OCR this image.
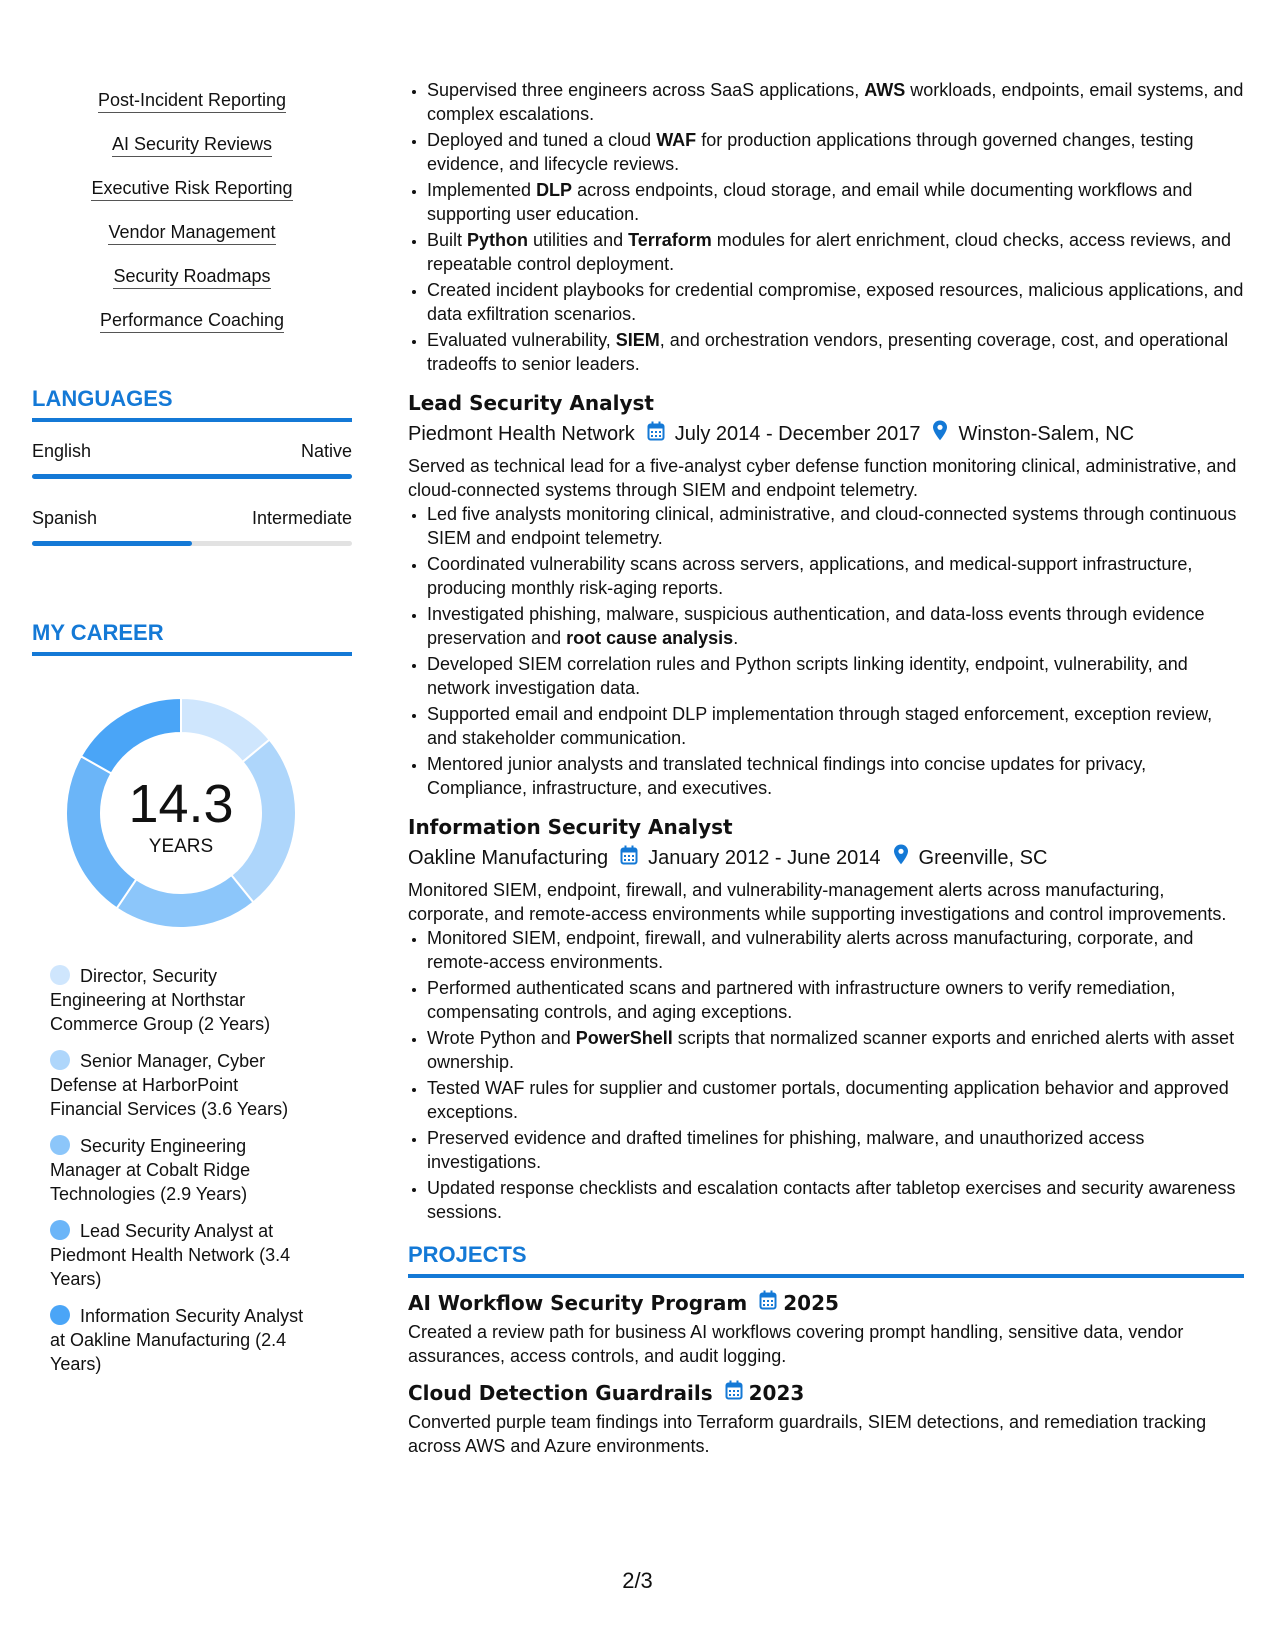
Post-Incident Reporting
AI Security Reviews
Executive Risk Reporting
Vendor Management
Security Roadmaps
Performance Coaching
LANGUAGES
English	Native
Spanish	Intermediate
MY CAREER
14.3
YEARS
Director, Security Engineering at Northstar Commerce Group (2 Years)
Senior Manager, Cyber Defense at HarborPoint Financial Services (3.6 Years)
Security Engineering Manager at Cobalt Ridge Technologies (2.9 Years)
Lead Security Analyst at Piedmont Health Network (3.4 Years)
Information Security Analyst at Oakline Manufacturing (2.4 Years)
• Supervised three engineers across SaaS applications, AWS workloads, endpoints, email systems, and complex escalations.
• Deployed and tuned a cloud WAF for production applications through governed changes, testing evidence, and lifecycle reviews.
• Implemented DLP across endpoints, cloud storage, and email while documenting workflows and supporting user education.
• Built Python utilities and Terraform modules for alert enrichment, cloud checks, access reviews, and repeatable control deployment.
• Created incident playbooks for credential compromise, exposed resources, malicious applications, and data exfiltration scenarios.
• Evaluated vulnerability, SIEM, and orchestration vendors, presenting coverage, cost, and operational tradeoffs to senior leaders.
Lead Security Analyst
Piedmont Health Network July 2014 - December 2017 Winston-Salem, NC
Served as technical lead for a five-analyst cyber defense function monitoring clinical, administrative, and cloud-connected systems through SIEM and endpoint telemetry.
• Led five analysts monitoring clinical, administrative, and cloud-connected systems through continuous SIEM and endpoint telemetry.
• Coordinated vulnerability scans across servers, applications, and medical-support infrastructure, producing monthly risk-aging reports.
• Investigated phishing, malware, suspicious authentication, and data-loss events through evidence preservation and root cause analysis.
• Developed SIEM correlation rules and Python scripts linking identity, endpoint, vulnerability, and network investigation data.
• Supported email and endpoint DLP implementation through staged enforcement, exception review, and stakeholder communication.
• Mentored junior analysts and translated technical findings into concise updates for privacy, Compliance, infrastructure, and executives.
Information Security Analyst
Oakline Manufacturing January 2012 - June 2014 Greenville, SC
Monitored SIEM, endpoint, firewall, and vulnerability-management alerts across manufacturing, corporate, and remote-access environments while supporting investigations and control improvements.
• Monitored SIEM, endpoint, firewall, and vulnerability alerts across manufacturing, corporate, and remote-access environments.
• Performed authenticated scans and partnered with infrastructure owners to verify remediation, compensating controls, and aging exceptions.
• Wrote Python and PowerShell scripts that normalized scanner exports and enriched alerts with asset ownership.
• Tested WAF rules for supplier and customer portals, documenting application behavior and approved exceptions.
• Preserved evidence and drafted timelines for phishing, malware, and unauthorized access investigations.
• Updated response checklists and escalation contacts after tabletop exercises and security awareness sessions.
PROJECTS
AI Workflow Security Program 2025
Created a review path for business AI workflows covering prompt handling, sensitive data, vendor assurances, access controls, and audit logging.
Cloud Detection Guardrails 2023
Converted purple team findings into Terraform guardrails, SIEM detections, and remediation tracking across AWS and Azure environments.
2/3
